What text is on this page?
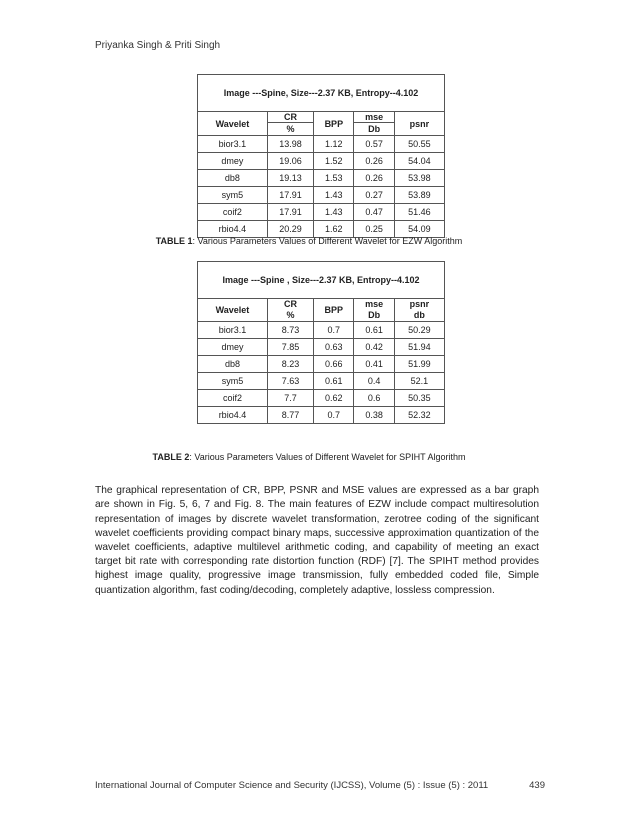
Priyanka Singh & Priti Singh
Image ---Spine, Size---2.37 KB, Entropy--4.102				
Wavelet	CR	BPP	mse	psnr
	%		Db	
bior3.1	13.98	1.12	0.57	50.55
dmey	19.06	1.52	0.26	54.04
db8	19.13	1.53	0.26	53.98
sym5	17.91	1.43	0.27	53.89
coif2	17.91	1.43	0.47	51.46
rbio4.4	20.29	1.62	0.25	54.09
TABLE 1: Various Parameters Values of Different Wavelet for EZW Algorithm
Image ---Spine , Size---2.37 KB, Entropy--4.102				
Wavelet	CR	BPP	mse	psnr
	%		Db	db
bior3.1	8.73	0.7	0.61	50.29
dmey	7.85	0.63	0.42	51.94
db8	8.23	0.66	0.41	51.99
sym5	7.63	0.61	0.4	52.1
coif2	7.7	0.62	0.6	50.35
rbio4.4	8.77	0.7	0.38	52.32
TABLE 2: Various Parameters Values of Different Wavelet for SPIHT Algorithm

The graphical representation of CR, BPP, PSNR and MSE values are expressed as a bar graph are shown in Fig. 5, 6, 7 and Fig. 8. The main features of EZW include compact multiresolution representation of images by discrete wavelet transformation, zerotree coding of the significant wavelet coefficients providing compact binary maps, successive approximation quantization of the wavelet coefficients, adaptive multilevel arithmetic coding, and capability of meeting an exact target bit rate with corresponding rate distortion function (RDF) [7]. The SPIHT method provides highest image quality, progressive image transmission, fully embedded coded file, Simple quantization algorithm, fast coding/decoding, completely adaptive, lossless compression.

International Journal of Computer Science and Security (IJCSS), Volume (5) : Issue (5) : 2011	439
